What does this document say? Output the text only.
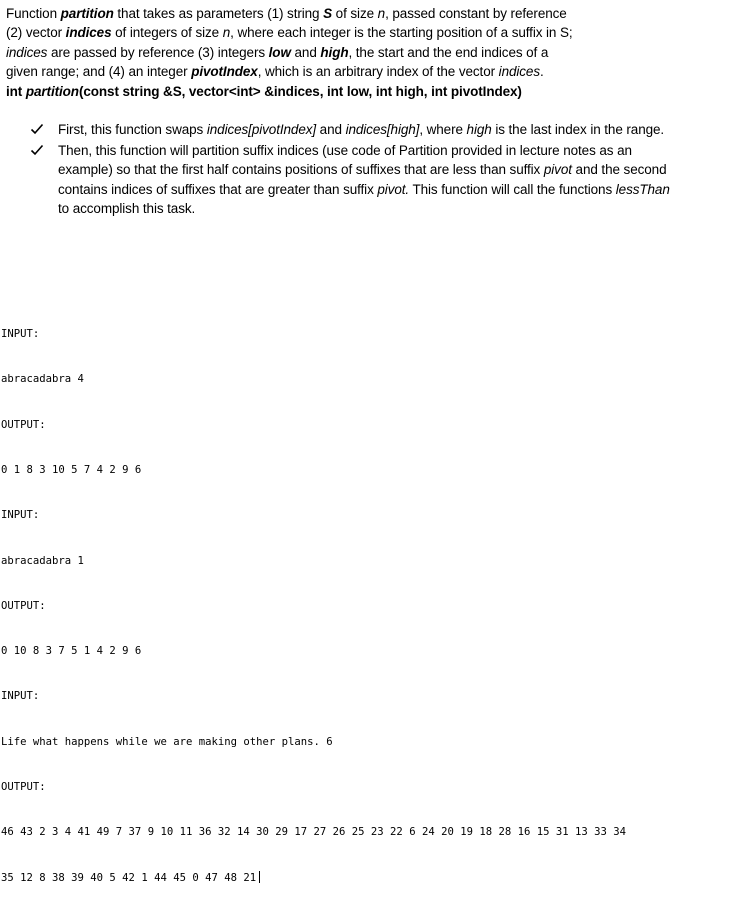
Function partition that takes as parameters (1) string S of size n, passed constant by reference
(2) vector indices of integers of size n, where each integer is the starting position of a suffix in S;
indices are passed by reference (3) integers low and high, the start and the end indices of a
given range; and (4) an integer pivotIndex, which is an arbitrary index of the vector indices.
int partition(const string &S, vector<int> &indices, int low, int high, int pivotIndex)
First, this function swaps indices[pivotIndex] and indices[high], where high is the last index in the range.
Then, this function will partition suffix indices (use code of Partition provided in lecture notes as an example) so that the first half contains positions of suffixes that are less than suffix pivot and the second contains indices of suffixes that are greater than suffix pivot. This function will call the functions lessThan to accomplish this task.

INPUT:

abracadabra 4

OUTPUT:

0 1 8 3 10 5 7 4 2 9 6

INPUT:

abracadabra 1

OUTPUT:

0 10 8 3 7 5 1 4 2 9 6

INPUT:

Life what happens while we are making other plans. 6

OUTPUT:

46 43 2 3 4 41 49 7 37 9 10 11 36 32 14 30 29 17 27 26 25 23 22 6 24 20 19 18 28 16 15 31 13 33 34

35 12 8 38 39 40 5 42 1 44 45 0 47 48 21
